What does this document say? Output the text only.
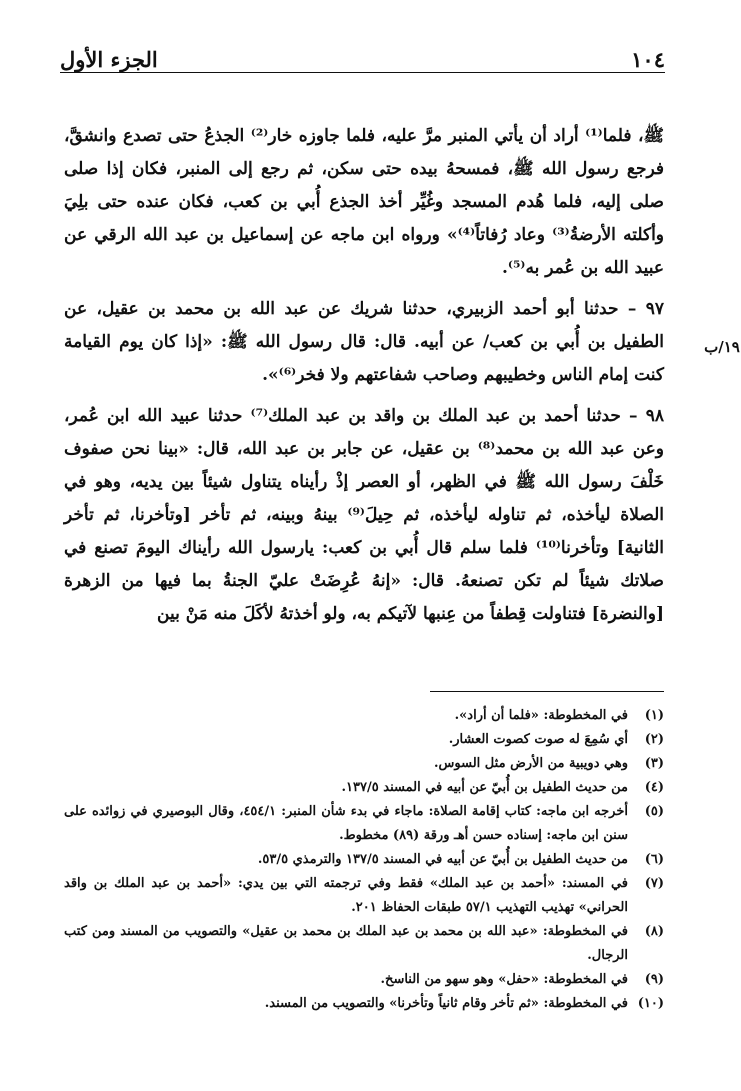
١٠٤
الجزء الأول
١٩/ب

ﷺ، فلما⁽¹⁾ أراد أن يأتي المنبر مرَّ عليه، فلما جاوزه خار⁽²⁾ الجذعُ حتى تصدع وانشقَّ، فرجع رسول الله ﷺ، فمسحهُ بيده حتى سكن، ثم رجع إلى المنبر، فكان إذا صلى صلى إليه، فلما هُدم المسجد وغُيِّر أخذ الجذع أُبي بن كعب، فكان عنده حتى بلِيَ وأكلته الأرضةُ⁽³⁾ وعاد رُفاتاً⁽⁴⁾» ورواه ابن ماجه عن إسماعيل بن عبد الله الرقي عن عبيد الله بن عُمر به⁽⁵⁾.

٩٧ – حدثنا أبو أحمد الزبيري، حدثنا شريك عن عبد الله بن محمد بن عقيل، عن الطفيل بن أُبي بن كعب/ عن أبيه. قال: قال رسول الله ﷺ: «إذا كان يوم القيامة كنت إمام الناس وخطيبهم وصاحب شفاعتهم ولا فخر⁽⁶⁾».

٩٨ – حدثنا أحمد بن عبد الملك بن واقد بن عبد الملك⁽⁷⁾ حدثنا عبيد الله ابن عُمر، وعن عبد الله بن محمد⁽⁸⁾ بن عقيل، عن جابر بن عبد الله، قال: «بينا نحن صفوف خَلْفَ رسول الله ﷺ في الظهر، أو العصر إذْ رأيناه يتناول شيئاً بين يديه، وهو في الصلاة ليأخذه، ثم تناوله ليأخذه، ثم حِيلَ⁽⁹⁾ بينهُ وبينه، ثم تأخر [وتأخرنا، ثم تأخر الثانية] وتأخرنا⁽¹⁰⁾ فلما سلم قال أُبي بن كعب: يارسول الله رأيناك اليومَ تصنع في صلاتك شيئاً لم تكن تصنعهُ. قال: «إنهُ عُرِضَتْ عليّ الجنةُ بما فيها من الزهرة [والنضرة] فتناولت قِطفاً من عِنبها لآتيكم به، ولو أخذتهُ لأكَلَ منه مَنْ بين

(١)
في المخطوطة: «فلما أن أراد».
(٢)
أي سُمِعَ له صوت كصوت العشار.
(٣)
وهي دويبية من الأرض مثل السوس.
(٤)
من حديث الطفيل بن أُبيّ عن أبيه في المسند ١٣٧/٥.
(٥)
أخرجه ابن ماجه: كتاب إقامة الصلاة: ماجاء في بدء شأن المنبر: ٤٥٤/١، وقال البوصيري في زوائده على سنن ابن ماجه: إسناده حسن أهـ ورقة (٨٩) مخطوط.
(٦)
من حديث الطفيل بن أُبيّ عن أبيه في المسند ١٣٧/٥ والترمذي ٥٣/٥.
(٧)
في المسند: «أحمد بن عبد الملك» فقط وفي ترجمته التي بين يدي: «أحمد بن عبد الملك بن واقد الحراني» تهذيب التهذيب ٥٧/١ طبقات الحفاظ ٢٠١.
(٨)
في المخطوطة: «عبد الله بن محمد بن عبد الملك بن محمد بن عقيل» والتصويب من المسند ومن كتب الرجال.
(٩)
في المخطوطة: «حفل» وهو سهو من الناسخ.
(١٠)
في المخطوطة: «ثم تأخر وقام ثانياً وتأخرنا» والتصويب من المسند.
